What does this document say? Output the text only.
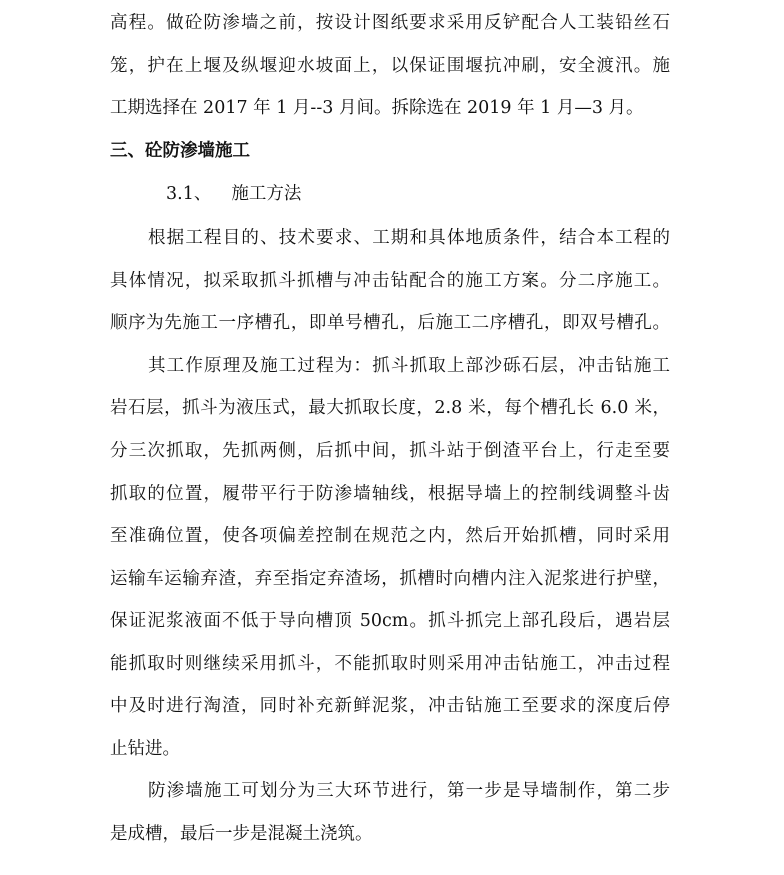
高程。做砼防渗墙之前，按设计图纸要求采用反铲配合人工装铅丝石
笼，护在上堰及纵堰迎水坡面上，以保证围堰抗冲刷，安全渡汛。施
工期选择在 2017 年 1 月--3 月间。拆除选在 2019 年 1 月—3 月。
三、砼防渗墙施工
3.1、 施工方法
根据工程目的、技术要求、工期和具体地质条件，结合本工程的
具体情况，拟采取抓斗抓槽与冲击钻配合的施工方案。分二序施工。
顺序为先施工一序槽孔，即单号槽孔，后施工二序槽孔，即双号槽孔。
其工作原理及施工过程为：抓斗抓取上部沙砾石层，冲击钻施工
岩石层，抓斗为液压式，最大抓取长度，2.8 米，每个槽孔长 6.0 米，
分三次抓取，先抓两侧，后抓中间，抓斗站于倒渣平台上，行走至要
抓取的位置，履带平行于防渗墙轴线，根据导墙上的控制线调整斗齿
至准确位置，使各项偏差控制在规范之内，然后开始抓槽，同时采用
运输车运输弃渣，弃至指定弃渣场，抓槽时向槽内注入泥浆进行护壁，
保证泥浆液面不低于导向槽顶 50cm。抓斗抓完上部孔段后，遇岩层
能抓取时则继续采用抓斗，不能抓取时则采用冲击钻施工，冲击过程
中及时进行淘渣，同时补充新鲜泥浆，冲击钻施工至要求的深度后停
止钻进。
防渗墙施工可划分为三大环节进行，第一步是导墙制作，第二步
是成槽，最后一步是混凝土浇筑。
